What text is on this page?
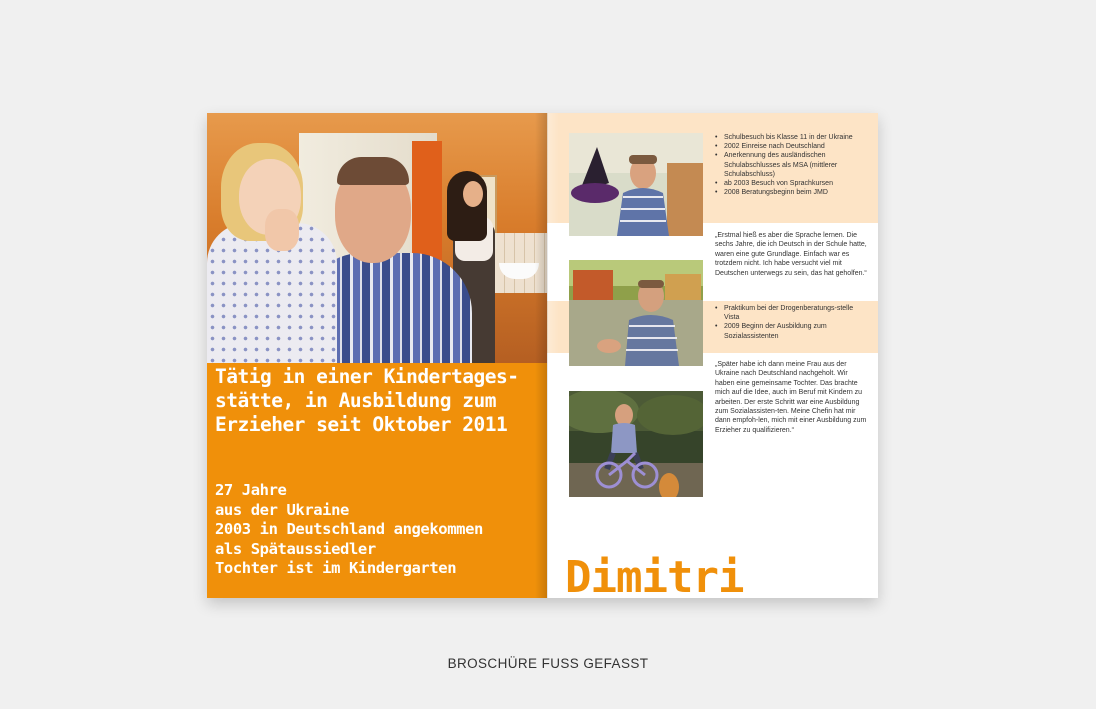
Tätig in einer Kindertages-
stätte, in Ausbildung zum
Erzieher seit Oktober 2011
27 Jahre
aus der Ukraine
2003 in Deutschland angekommen
als Spätaussiedler
Tochter ist im Kindergarten
• Schulbesuch bis Klasse 11 in der Ukraine
• 2002 Einreise nach Deutschland
• Anerkennung des ausländischen Schulabschlusses als MSA (mittlerer Schulabschluss)
• ab 2003 Besuch von Sprachkursen
• 2008 Beratungsbeginn beim JMD

„Erstmal hieß es aber die Sprache lernen. Die sechs Jahre, die ich Deutsch in der Schule hatte, waren eine gute Grundlage. Einfach war es trotzdem nicht. Ich habe versucht viel mit Deutschen unterwegs zu sein, das hat geholfen.“

• Praktikum bei der Drogenberatungs-stelle Vista
• 2009 Beginn der Ausbildung zum Sozialassistenten

„Später habe ich dann meine Frau aus der Ukraine nach Deutschland nachgeholt. Wir haben eine gemeinsame Tochter. Das brachte mich auf die Idee, auch im Beruf mit Kindern zu arbeiten. Der erste Schritt war eine Ausbildung zum Sozialassisten-ten. Meine Chefin hat mir dann empfoh-len, mich mit einer Ausbildung zum Erzieher zu qualifizieren.“

Dimitri
BROSCHÜRE FUSS GEFASST
